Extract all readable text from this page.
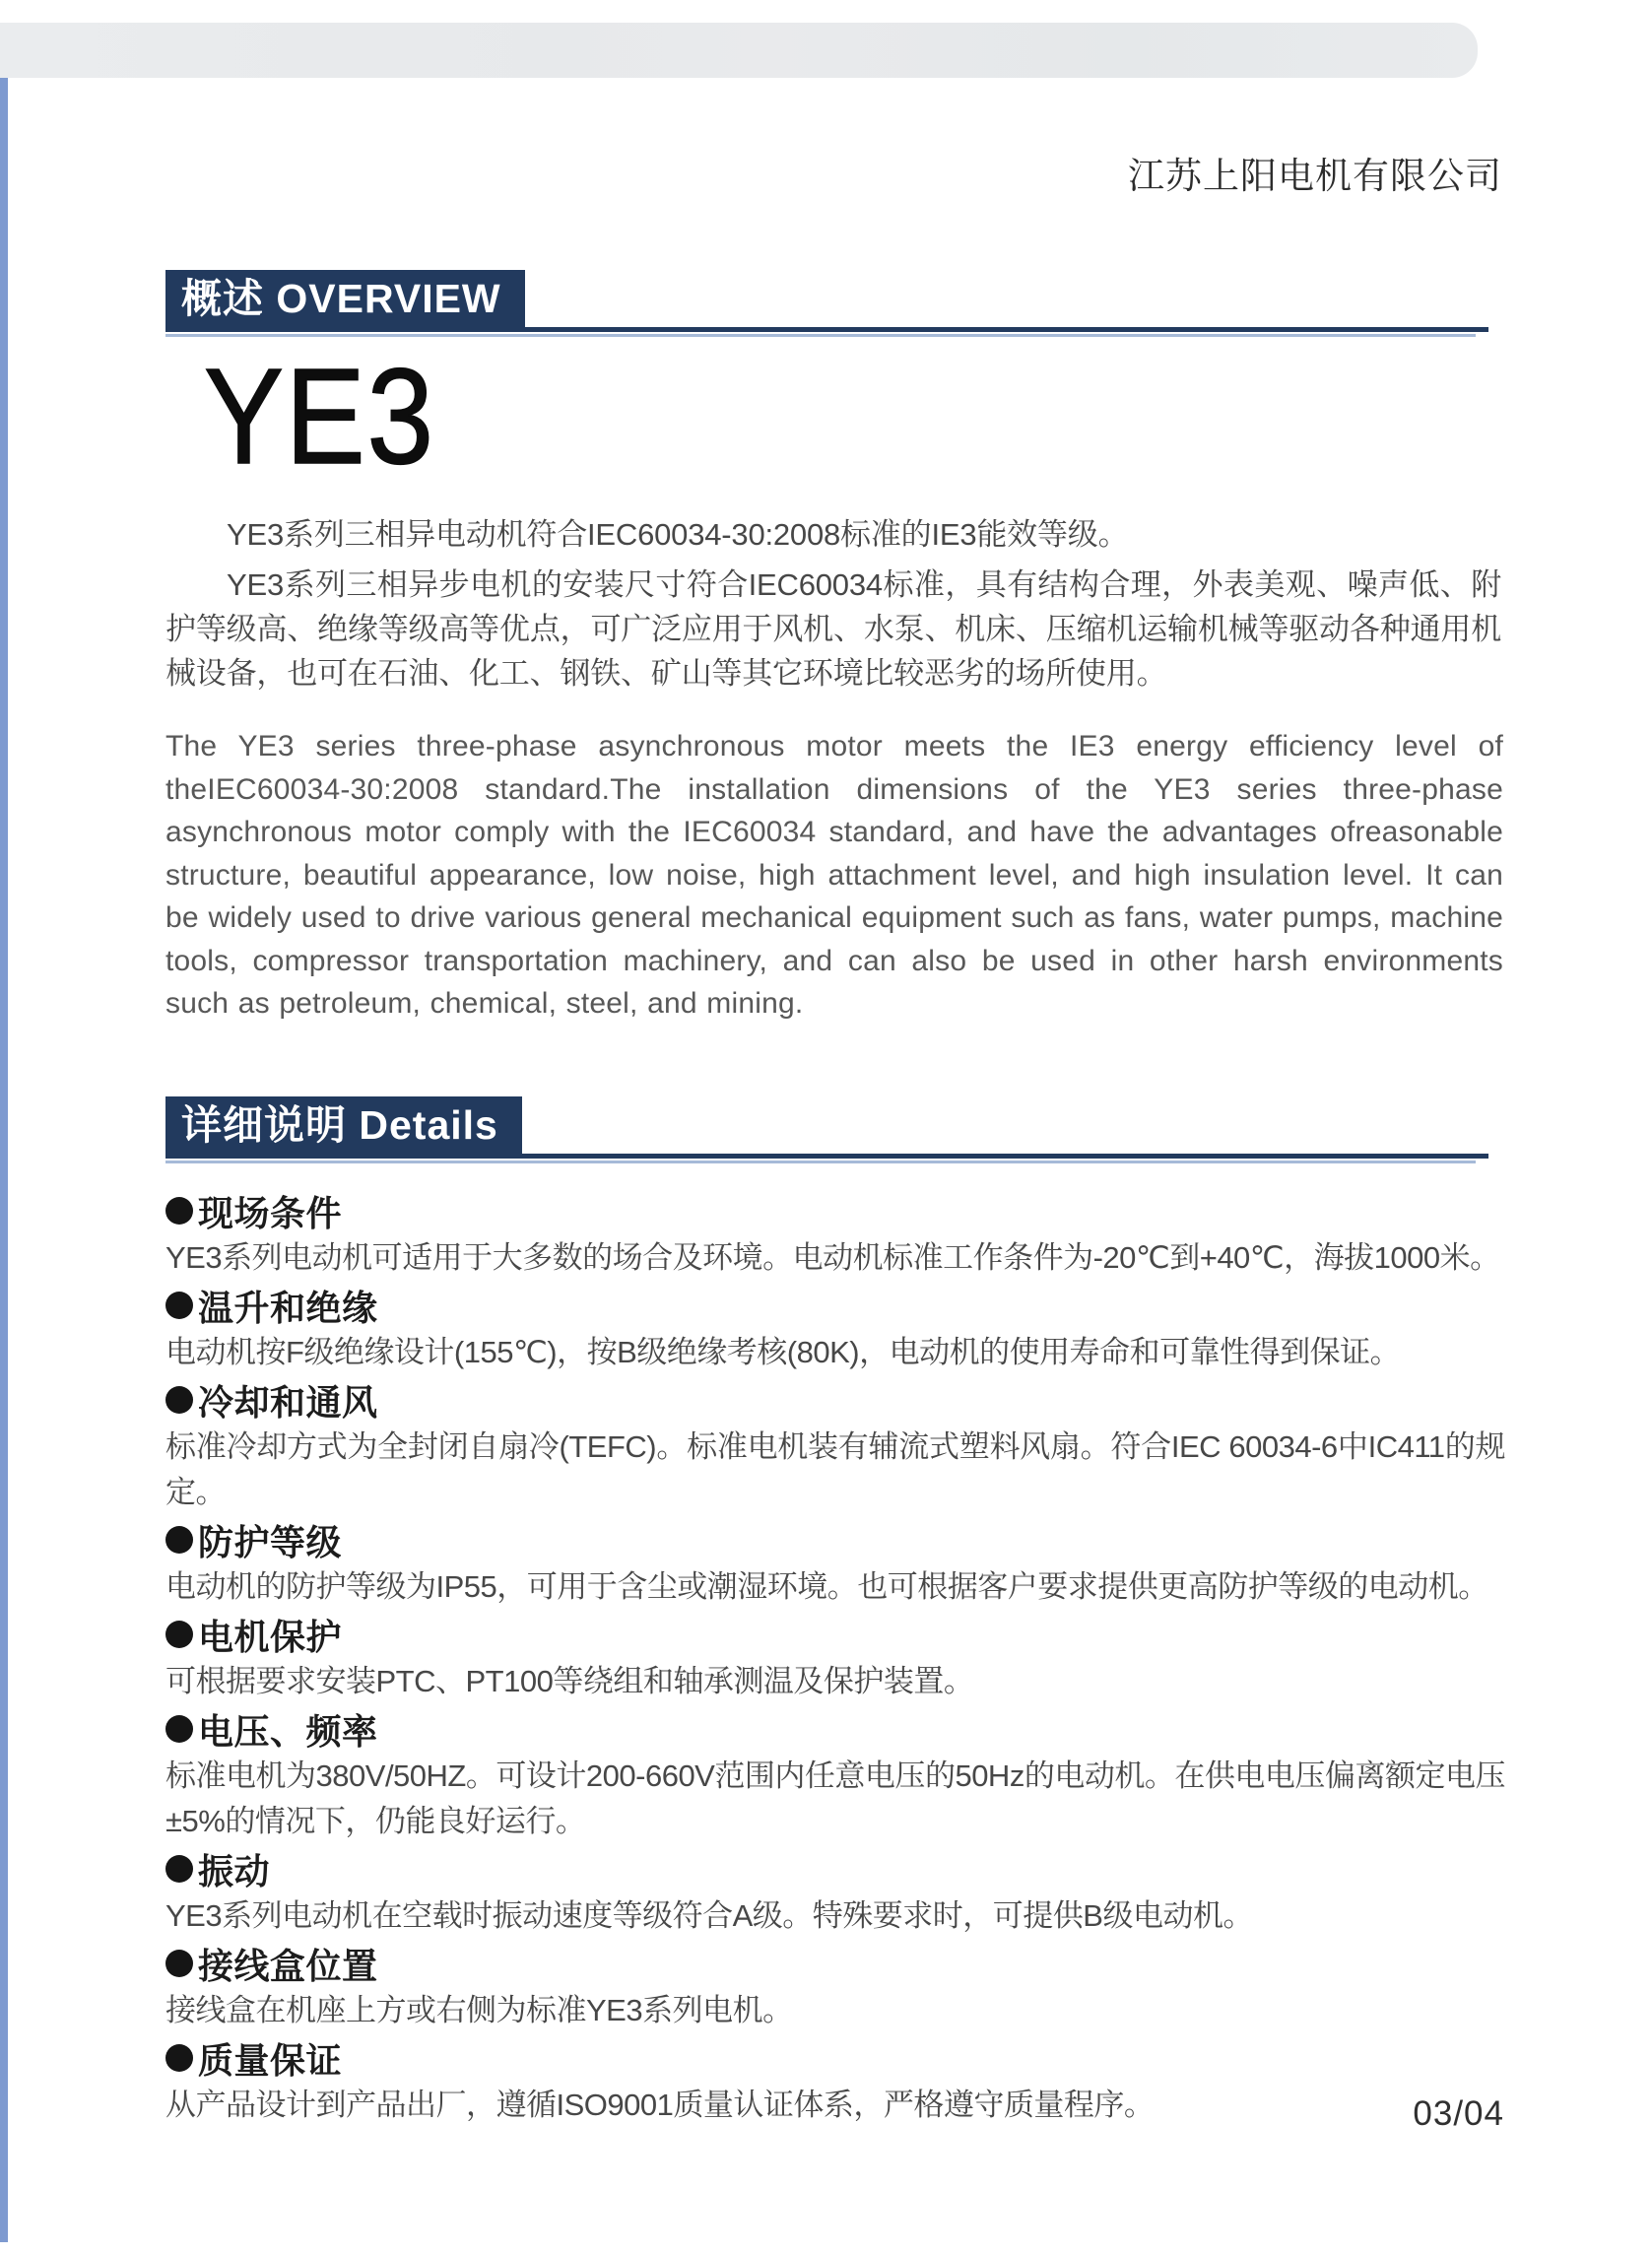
江苏上阳电机有限公司
概述 OVERVIEW
YE3

YE3系列三相异电动机符合IEC60034-30:2008标准的IE3能效等级。

YE3系列三相异步电机的安装尺寸符合IEC60034标准，具有结构合理，外表美观、噪声低、附护等级高、绝缘等级高等优点，可广泛应用于风机、水泵、机床、压缩机运输机械等驱动各种通用机械设备，也可在石油、化工、钢铁、矿山等其它环境比较恶劣的场所使用。

The YE3 series three-phase asynchronous motor meets the IE3 energy efficiency level of theIEC60034-30:2008 standard.The installation dimensions of the YE3 series three-phase asynchronous motor comply with the IEC60034 standard, and have the advantages ofreasonable structure, beautiful appearance, low noise, high attachment level, and high insulation level. It can be widely used to drive various general mechanical equipment such as fans, water pumps, machine tools, compressor transportation machinery, and can also be used in other harsh environments such as petroleum, chemical, steel, and mining.

详细说明 Details
现场条件

YE3系列电动机可适用于大多数的场合及环境。电动机标准工作条件为-20℃到+40℃，海拔1000米。

温升和绝缘

电动机按F级绝缘设计(155℃)，按B级绝缘考核(80K)，电动机的使用寿命和可靠性得到保证。

冷却和通风

标准冷却方式为全封闭自扇冷(TEFC)。标准电机装有辅流式塑料风扇。符合IEC 60034-6中IC411的规定。

防护等级

电动机的防护等级为IP55，可用于含尘或潮湿环境。也可根据客户要求提供更高防护等级的电动机。

电机保护

可根据要求安装PTC、PT100等绕组和轴承测温及保护装置。

电压、频率

标准电机为380V/50HZ。可设计200-660V范围内任意电压的50Hz的电动机。在供电电压偏离额定电压±5%的情况下，仍能良好运行。

振动

YE3系列电动机在空载时振动速度等级符合A级。特殊要求时，可提供B级电动机。

接线盒位置

接线盒在机座上方或右侧为标准YE3系列电机。

质量保证

从产品设计到产品出厂，遵循ISO9001质量认证体系，严格遵守质量程序。	03/04
